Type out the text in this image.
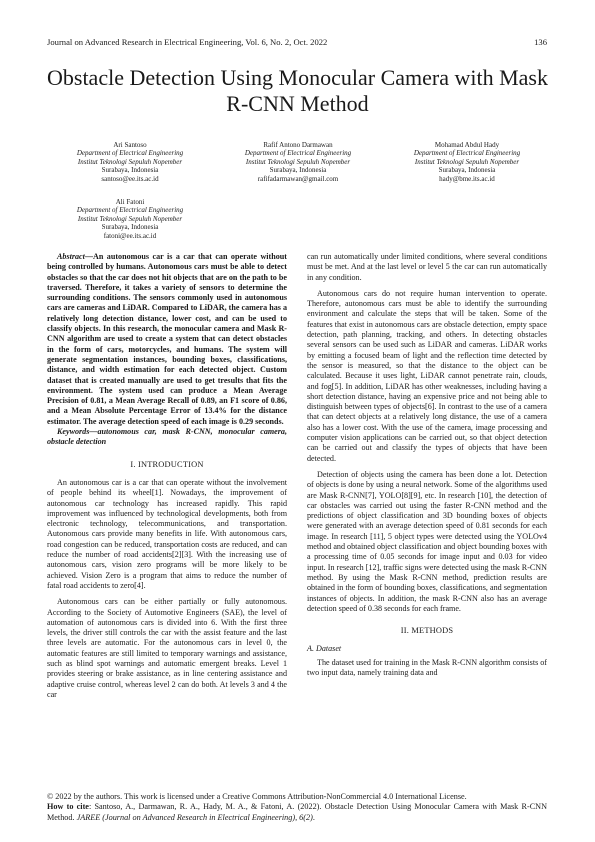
Journal on Advanced Research in Electrical Engineering, Vol. 6, No. 2, Oct. 2022	136
Obstacle Detection Using Monocular Camera with Mask R-CNN Method
Ari Santoso
Department of Electrical Engineering
Institut Teknologi Sepuluh Nopember
Surabaya, Indonesia
santoso@ee.its.ac.id
Rafif Antono Darmawan
Department of Electrical Engineering
Institut Teknologi Sepuluh Nopember
Surabaya, Indonesia
rafifadarmawan@gmail.com
Mohamad Abdul Hady
Department of Electrical Engineering
Institut Teknologi Sepuluh Nopember
Surabaya, Indonesia
hady@bme.its.ac.id
Ali Fatoni
Department of Electrical Engineering
Institut Teknologi Sepuluh Nopember
Surabaya, Indonesia
fatoni@ee.its.ac.id

Abstract—An autonomous car is a car that can operate without being controlled by humans. Autonomous cars must be able to detect obstacles so that the car does not hit objects that are on the path to be traversed. Therefore, it takes a variety of sensors to determine the surrounding conditions. The sensors commonly used in autonomous cars are cameras and LiDAR. Compared to LiDAR, the camera has a relatively long detection distance, lower cost, and can be used to classify objects. In this research, the monocular camera and Mask R-CNN algorithm are used to create a system that can detect obstacles in the form of cars, motorcycles, and humans. The system will generate segmentation instances, bounding boxes, classifications, distance, and width estimation for each detected object. Custom dataset that is created manually are used to get tresults that fits the environment. The system used can produce a Mean Average Precision of 0.81, a Mean Average Recall of 0.89, an F1 score of 0.86, and a Mean Absolute Percentage Error of 13.4% for the distance estimator. The average detection speed of each image is 0.29 seconds.

Keywords—autonomous car, mask R-CNN, monocular camera, obstacle detection

I. INTRODUCTION

An autonomous car is a car that can operate without the involvement of people behind its wheel[1]. Nowadays, the improvement of autonomous car technology has increased rapidly. This rapid improvement was influenced by technological developments, both from electronic technology, telecommunications, and transportation. Autonomous cars provide many benefits in life. With autonomous cars, road congestion can be reduced, transportation costs are reduced, and can reduce the number of road accidents[2][3]. With the increasing use of autonomous cars, vision zero programs will be more likely to be achieved. Vision Zero is a program that aims to reduce the number of fatal road accidents to zero[4].

Autonomous cars can be either partially or fully autonomous. According to the Society of Automotive Engineers (SAE), the level of automation of autonomous cars is divided into 6. With the first three levels, the driver still controls the car with the assist feature and the last three levels are automatic. For the autonomous cars in level 0, the automatic features are still limited to temporary warnings and assistance, such as blind spot warnings and automatic emergent breaks. Level 1 provides steering or brake assistance, as in line centering assistance and adaptive cruise control, whereas level 2 can do both. At levels 3 and 4 the car

can run automatically under limited conditions, where several conditions must be met. And at the last level or level 5 the car can run automatically in any condition.

Autonomous cars do not require human intervention to operate. Therefore, autonomous cars must be able to identify the surrounding environment and calculate the steps that will be taken. Some of the features that exist in autonomous cars are obstacle detection, empty space detection, path planning, tracking, and others. In detecting obstacles several sensors can be used such as LiDAR and cameras. LiDAR works by emitting a focused beam of light and the reflection time detected by the sensor is measured, so that the distance to the object can be calculated. Because it uses light, LiDAR cannot penetrate rain, clouds, and fog[5]. In addition, LiDAR has other weaknesses, including having a short detection distance, having an expensive price and not being able to distinguish between types of objects[6]. In contrast to the use of a camera that can detect objects at a relatively long distance, the use of a camera also has a lower cost. With the use of the camera, image processing and computer vision applications can be carried out, so that object detection can be carried out and classify the types of objects that have been detected.

Detection of objects using the camera has been done a lot. Detection of objects is done by using a neural network. Some of the algorithms used are Mask R-CNN[7], YOLO[8][9], etc. In research [10], the detection of car obstacles was carried out using the faster R-CNN method and the predictions of object classification and 3D bounding boxes of objects were generated with an average detection speed of 0.81 seconds for each image. In research [11], 5 object types were detected using the YOLOv4 method and obtained object classification and object bounding boxes with a processing time of 0.05 seconds for image input and 0.03 for video input. In research [12], traffic signs were detected using the mask R-CNN method. By using the Mask R-CNN method, prediction results are obtained in the form of bounding boxes, classifications, and segmentation instances of objects. In addition, the mask R-CNN also has an average detection speed of 0.38 seconds for each frame.

II. METHODS
A. Dataset

The dataset used for training in the Mask R-CNN algorithm consists of two input data, namely training data and

© 2022 by the authors. This work is licensed under a Creative Commons Attribution-NonCommercial 4.0 International License.
How to cite: Santoso, A., Darmawan, R. A., Hady, M. A., & Fatoni, A. (2022). Obstacle Detection Using Monocular Camera with Mask R-CNN Method. JAREE (Journal on Advanced Research in Electrical Engineering), 6(2).
